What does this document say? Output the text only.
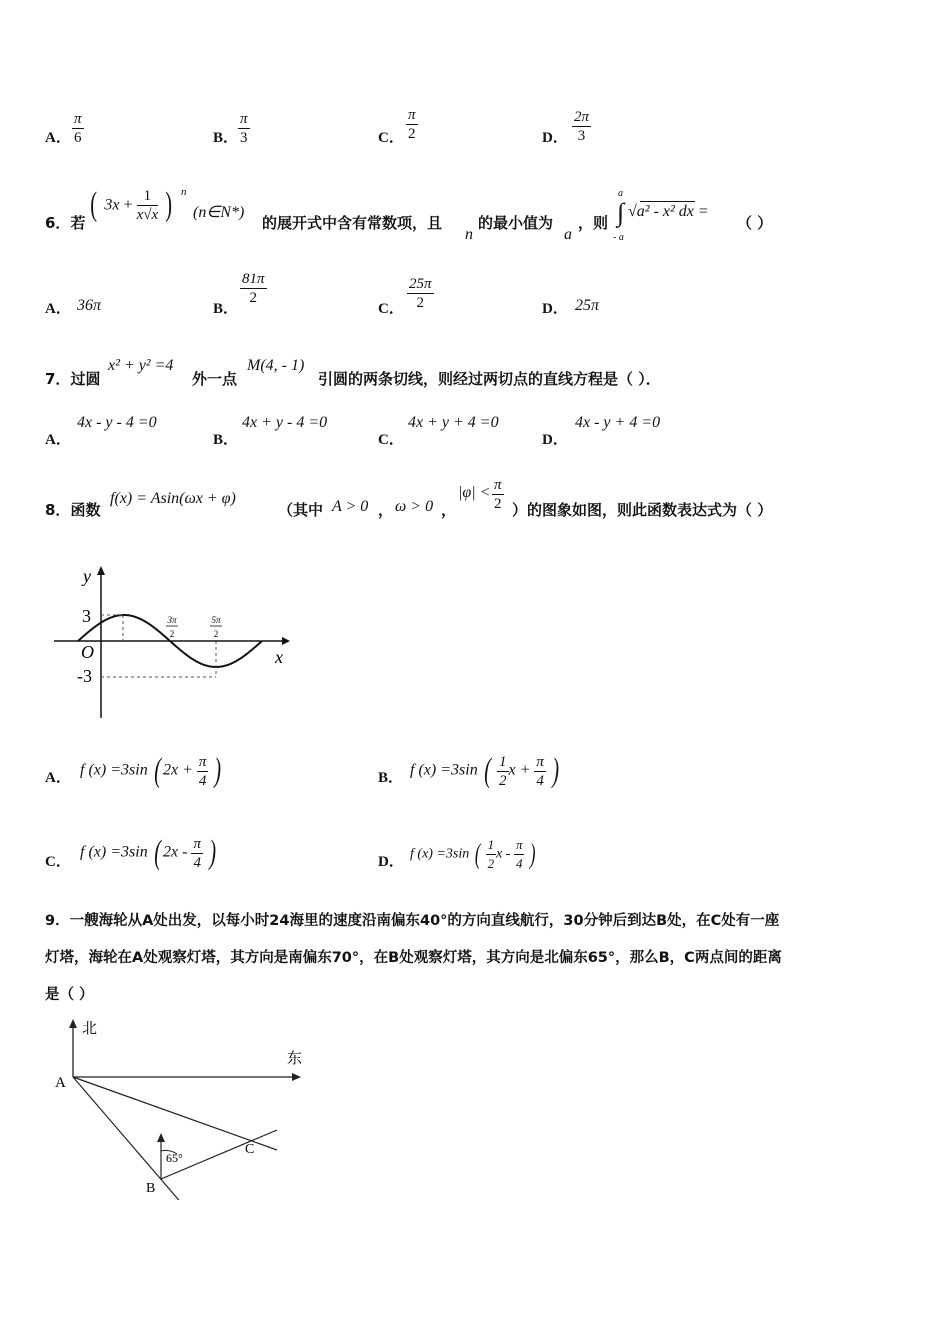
A． $\frac{\pi}{6}$	B． $\frac{\pi}{3}$	C． $\frac{\pi}{2}$	D． $\frac{2\pi}{3}$
6．若 ( $3x + \frac{1}{x√x}$ ) n
(n∈N*)
的展开式中含有常数项，且
n
的最小值为
a
，则
a
∫
- a
√a² - x² dx =
（ ）
A． 36π	B．
$\frac{81\pi}{2}$
C． $\frac{25\pi}{2}$	D． 25π
7．过圆
x² + y² =4
外一点
M(4, - 1)
引圆的两条切线，则经过两切点的直线方程是（ ）．
A．
4x - y - 4 =0
B．
4x + y - 4 =0
C．
4x + y + 4 =0
D．
4x - y + 4 =0
8．函数
f(x) = Asin(ωx + φ)
（其中 A > 0 ， ω > 0 ，
$|\varphi| < \frac{\pi}{2}$ ）的图象如图，则此函数表达式为（ ）
y
x
O
3
-3
3π
2
5π
2
A． f (x) =3sin ( $2x + \frac{\pi}{4}$ )	B． f (x) =3sin ( $\frac{1}{2}$ $x + \frac{\pi}{4}$ )
C．
f (x) =3sin ( $2x - \frac{\pi}{4}$ )	D． f (x) =3sin ( $\frac{1}{2}$ x - $\frac{\pi}{4}$ )
9．一艘海轮从A处出发，以每小时24海里的速度沿南偏东40°的方向直线航行，30分钟后到达B处，在C处有一座
灯塔，海轮在A处观察灯塔，其方向是南偏东70°，在B处观察灯塔，其方向是北偏东65°，那么B，C两点间的距离
是（ ）
北
东
A
65°
C
B
